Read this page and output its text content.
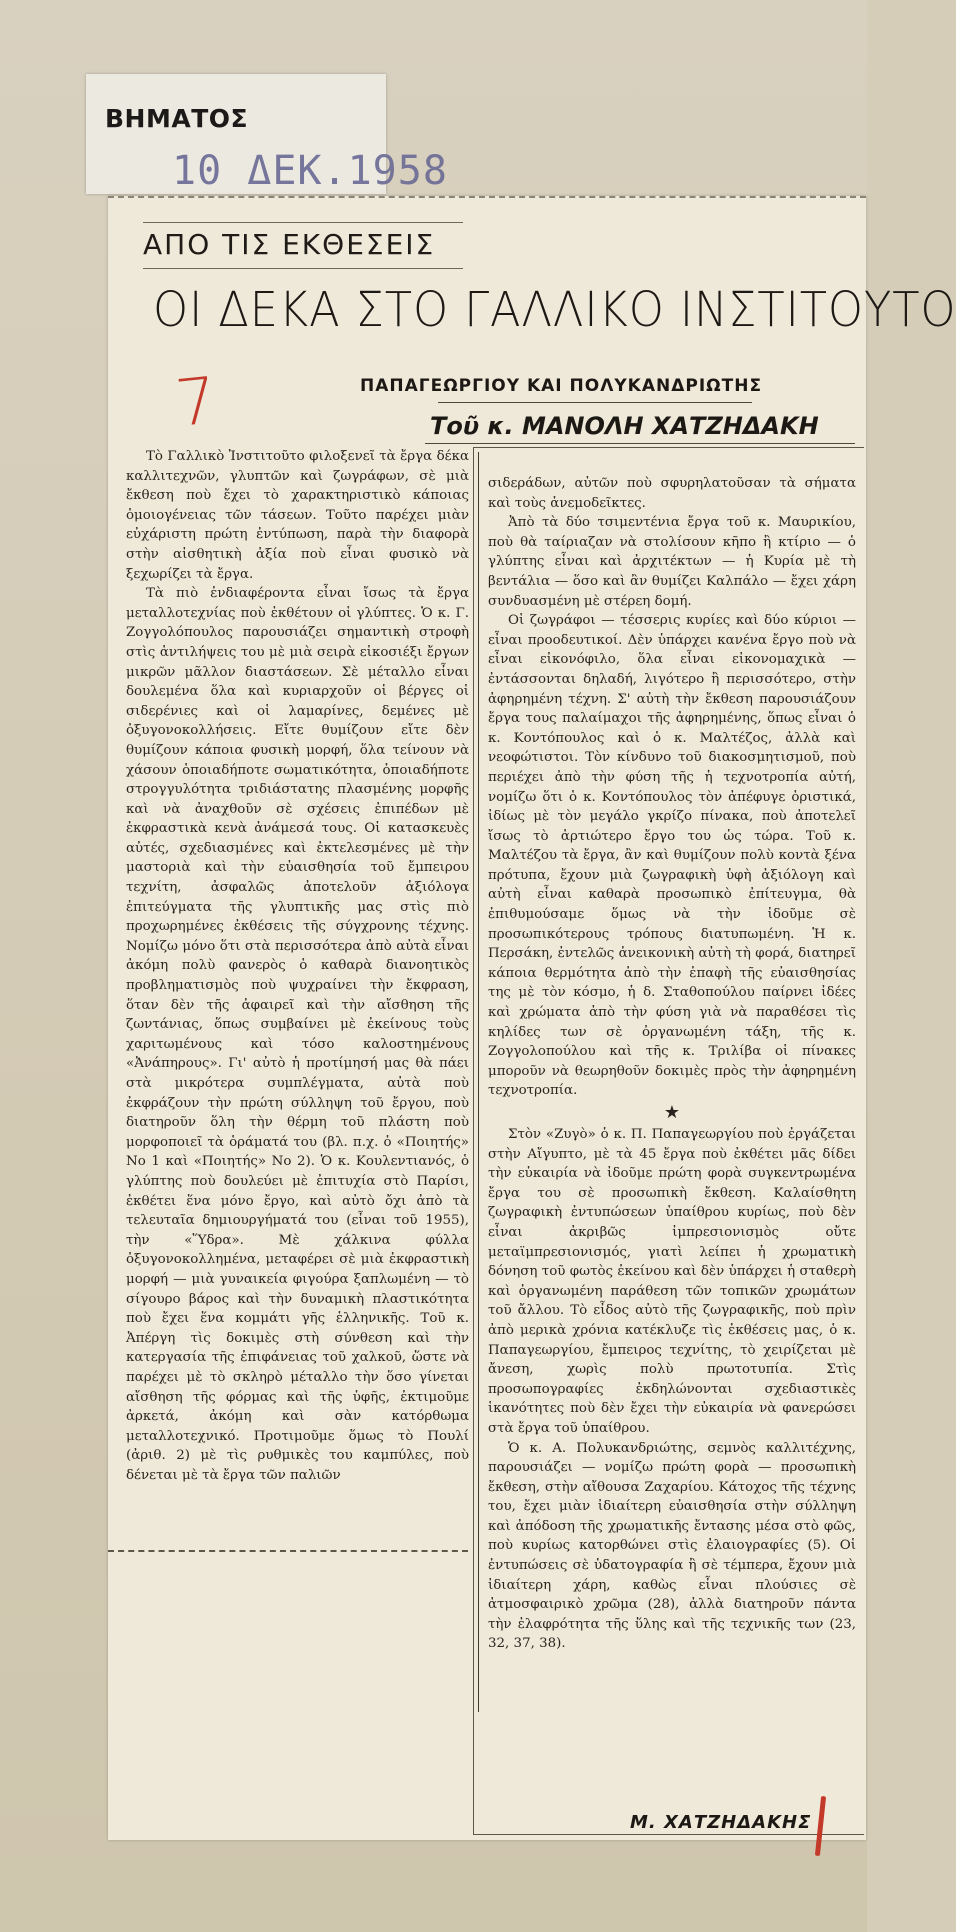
ΒΗΜΑΤΟΣ
10 ΔΕΚ.1958
ΑΠΟ ΤΙΣ ΕΚΘΕΣΕΙΣ
ΟΙ ΔΕΚΑ ΣΤΟ ΓΑΛΛΙΚΟ ΙΝΣΤΙΤΟΥΤΟ
7	ΠΑΠΑΓΕΩΡΓΙΟΥ ΚΑΙ ΠΟΛΥΚΑΝΔΡΙΩΤΗΣ
Τοῦ κ. ΜΑΝΟΛΗ ΧΑΤΖΗΔΑΚΗ

Τὸ Γαλλικὸ Ἰνστιτοῦτο φιλοξενεῖ τὰ ἔργα δέκα καλλιτεχνῶν, γλυπτῶν καὶ ζωγράφων, σὲ μιὰ ἔκθεση ποὺ ἔχει τὸ χαρακτηριστικὸ κάποιας ὁμοιογένειας τῶν τάσεων. Τοῦτο παρέχει μιὰν εὐχάριστη πρώτη ἐντύπωση, παρὰ τὴν διαφορὰ στὴν αἰσθητικὴ ἀξία ποὺ εἶναι φυσικὸ νὰ ξεχωρίζει τὰ ἔργα.

Τὰ πιὸ ἐνδιαφέροντα εἶναι ἴσως τὰ ἔργα μεταλλοτεχνίας ποὺ ἐκθέτουν οἱ γλύπτες. Ὁ κ. Γ. Ζογγολόπουλος παρουσιάζει σημαντικὴ στροφὴ στὶς ἀντιλήψεις του μὲ μιὰ σειρὰ εἰκοσιέξι ἔργων μικρῶν μᾶλλον διαστάσεων. Σὲ μέταλλο εἶναι δουλεμένα ὅλα καὶ κυριαρχοῦν οἱ βέργες οἱ σιδερένιες καὶ οἱ λαμαρίνες, δεμένες μὲ ὀξυγονοκολλήσεις. Εἴτε θυμίζουν εἴτε δὲν θυμίζουν κάποια φυσικὴ μορφή, ὅλα τείνουν νὰ χάσουν ὁποιαδήποτε σωματικότητα, ὁποιαδήποτε στρογγυλότητα τριδιάστατης πλασμένης μορφῆς καὶ νὰ ἀναχθοῦν σὲ σχέσεις ἐπιπέδων μὲ ἐκφραστικὰ κενὰ ἀνάμεσά τους. Οἱ κατασκευὲς αὐτές, σχεδιασμένες καὶ ἐκτελεσμένες μὲ τὴν μαστοριὰ καὶ τὴν εὐαισθησία τοῦ ἔμπειρου τεχνίτη, ἀσφαλῶς ἀποτελοῦν ἀξιόλογα ἐπιτεύγματα τῆς γλυπτικῆς μας στὶς πιὸ προχωρημένες ἐκθέσεις τῆς σύγχρονης τέχνης. Νομίζω μόνο ὅτι στὰ περισσότερα ἀπὸ αὐτὰ εἶναι ἀκόμη πολὺ φανερὸς ὁ καθαρὰ διανοητικὸς προβληματισμὸς ποὺ ψυχραίνει τὴν ἔκφραση, ὅταν δὲν τῆς ἀφαιρεῖ καὶ τὴν αἴσθηση τῆς ζωντάνιας, ὅπως συμβαίνει μὲ ἐκείνους τοὺς χαριτωμένους καὶ τόσο καλοστημένους «Ἀνάπηρους». Γι' αὐτὸ ἡ προτίμησή μας θὰ πάει στὰ μικρότερα συμπλέγματα, αὐτὰ ποὺ ἐκφράζουν τὴν πρώτη σύλληψη τοῦ ἔργου, ποὺ διατηροῦν ὅλη τὴν θέρμη τοῦ πλάστη ποὺ μορφοποιεῖ τὰ ὁράματά του (βλ. π.χ. ὁ «Ποιητής» Νο 1 καὶ «Ποιητής» Νο 2). Ὁ κ. Κουλεντιανός, ὁ γλύπτης ποὺ δουλεύει μὲ ἐπιτυχία στὸ Παρίσι, ἐκθέτει ἕνα μόνο ἔργο, καὶ αὐτὸ ὄχι ἀπὸ τὰ τελευταῖα δημιουργήματά του (εἶναι τοῦ 1955), τὴν «Ὕδρα». Μὲ χάλκινα φύλλα ὀξυγονοκολλημένα, μεταφέρει σὲ μιὰ ἐκφραστικὴ μορφή — μιὰ γυναικεία φιγούρα ξαπλωμένη — τὸ σίγουρο βάρος καὶ τὴν δυναμικὴ πλαστικότητα ποὺ ἔχει ἕνα κομμάτι γῆς ἑλληνικῆς. Τοῦ κ. Ἀπέργη τὶς δοκιμὲς στὴ σύνθεση καὶ τὴν κατεργασία τῆς ἐπιφάνειας τοῦ χαλκοῦ, ὥστε νὰ παρέχει μὲ τὸ σκληρὸ μέταλλο τὴν ὅσο γίνεται αἴσθηση τῆς φόρμας καὶ τῆς ὑφῆς, ἐκτιμοῦμε ἀρκετά, ἀκόμη καὶ σὰν κατόρθωμα μεταλλοτεχνικό. Προτιμοῦμε ὅμως τὸ Πουλί (ἀριθ. 2) μὲ τὶς ρυθμικὲς του καμπύλες, ποὺ δένεται μὲ τὰ ἔργα τῶν παλιῶν

σιδεράδων, αὐτῶν ποὺ σφυρηλατοῦσαν τὰ σήματα καὶ τοὺς ἀνεμοδεῖκτες.

Ἀπὸ τὰ δύο τσιμεντένια ἔργα τοῦ κ. Μαυρικίου, ποὺ θὰ ταίριαζαν νὰ στολίσουν κῆπο ἢ κτίριο — ὁ γλύπτης εἶναι καὶ ἀρχιτέκτων — ἡ Κυρία μὲ τὴ βεντάλια — ὅσο καὶ ἂν θυμίζει Καλπάλο — ἔχει χάρη συνδυασμένη μὲ στέρεη δομή.

Οἱ ζωγράφοι — τέσσερις κυρίες καὶ δύο κύριοι — εἶναι προοδευτικοί. Δὲν ὑπάρχει κανένα ἔργο ποὺ νὰ εἶναι εἰκονόφιλο, ὅλα εἶναι εἰκονομαχικὰ — ἐντάσσονται δηλαδή, λιγότερο ἢ περισσότερο, στὴν ἀφηρημένη τέχνη. Σ' αὐτὴ τὴν ἔκθεση παρουσιάζουν ἔργα τους παλαίμαχοι τῆς ἀφηρημένης, ὅπως εἶναι ὁ κ. Κοντόπουλος καὶ ὁ κ. Μαλτέζος, ἀλλὰ καὶ νεοφώτιστοι. Τὸν κίνδυνο τοῦ διακοσμητισμοῦ, ποὺ περιέχει ἀπὸ τὴν φύση τῆς ἡ τεχνοτροπία αὐτή, νομίζω ὅτι ὁ κ. Κοντόπουλος τὸν ἀπέφυγε ὁριστικά, ἰδίως μὲ τὸν μεγάλο γκρίζο πίνακα, ποὺ ἀποτελεῖ ἴσως τὸ ἀρτιώτερο ἔργο του ὡς τώρα. Τοῦ κ. Μαλτέζου τὰ ἔργα, ἂν καὶ θυμίζουν πολὺ κοντὰ ξένα πρότυπα, ἔχουν μιὰ ζωγραφικὴ ὑφὴ ἀξιόλογη καὶ αὐτὴ εἶναι καθαρὰ προσωπικὸ ἐπίτευγμα, θὰ ἐπιθυμούσαμε ὅμως νὰ τὴν ἰδοῦμε σὲ προσωπικότερους τρόπους διατυπωμένη. Ἡ κ. Περσάκη, ἐντελῶς ἀνεικονικὴ αὐτὴ τὴ φορά, διατηρεῖ κάποια θερμότητα ἀπὸ τὴν ἐπαφὴ τῆς εὐαισθησίας της μὲ τὸν κόσμο, ἡ δ. Σταθοπούλου παίρνει ἰδέες καὶ χρώματα ἀπὸ τὴν φύση γιὰ νὰ παραθέσει τὶς κηλίδες των σὲ ὀργανωμένη τάξη, τῆς κ. Ζογγολοπούλου καὶ τῆς κ. Τριλίβα οἱ πίνακες μποροῦν νὰ θεωρηθοῦν δοκιμὲς πρὸς τὴν ἀφηρημένη τεχνοτροπία.

★

Στὸν «Ζυγὸ» ὁ κ. Π. Παπαγεωργίου ποὺ ἐργάζεται στὴν Αἴγυπτο, μὲ τὰ 45 ἔργα ποὺ ἐκθέτει μᾶς δίδει τὴν εὐκαιρία νὰ ἰδοῦμε πρώτη φορὰ συγκεντρωμένα ἔργα του σὲ προσωπικὴ ἔκθεση. Καλαίσθητη ζωγραφικὴ ἐντυπώσεων ὑπαίθρου κυρίως, ποὺ δὲν εἶναι ἀκριβῶς ἰμπρεσιονισμὸς οὔτε μεταϊμπρεσιονισμός, γιατὶ λείπει ἡ χρωματικὴ δόνηση τοῦ φωτὸς ἐκείνου καὶ δὲν ὑπάρχει ἡ σταθερὴ καὶ ὀργανωμένη παράθεση τῶν τοπικῶν χρωμάτων τοῦ ἄλλου. Τὸ εἶδος αὐτὸ τῆς ζωγραφικῆς, ποὺ πρὶν ἀπὸ μερικὰ χρόνια κατέκλυζε τὶς ἐκθέσεις μας, ὁ κ. Παπαγεωργίου, ἔμπειρος τεχνίτης, τὸ χειρίζεται μὲ ἄνεση, χωρὶς πολὺ πρωτοτυπία. Στὶς προσωπογραφίες ἐκδηλώνονται σχεδιαστικὲς ἱκανότητες ποὺ δὲν ἔχει τὴν εὐκαιρία νὰ φανερώσει στὰ ἔργα τοῦ ὑπαίθρου.

Ὁ κ. Α. Πολυκανδριώτης, σεμνὸς καλλιτέχνης, παρουσιάζει — νομίζω πρώτη φορὰ — προσωπικὴ ἔκθεση, στὴν αἴθουσα Ζαχαρίου. Κάτοχος τῆς τέχνης του, ἔχει μιὰν ἰδιαίτερη εὐαισθησία στὴν σύλληψη καὶ ἀπόδοση τῆς χρωματικῆς ἔντασης μέσα στὸ φῶς, ποὺ κυρίως κατορθώνει στὶς ἐλαιογραφίες (5). Οἱ ἐντυπώσεις σὲ ὑδατογραφία ἢ σὲ τέμπερα, ἔχουν μιὰ ἰδιαίτερη χάρη, καθὼς εἶναι πλούσιες σὲ ἀτμοσφαιρικὸ χρῶμα (28), ἀλλὰ διατηροῦν πάντα τὴν ἐλαφρότητα τῆς ὕλης καὶ τῆς τεχνικῆς των (23, 32, 37, 38).

Μ. ΧΑΤΖΗΔΑΚΗΣ
